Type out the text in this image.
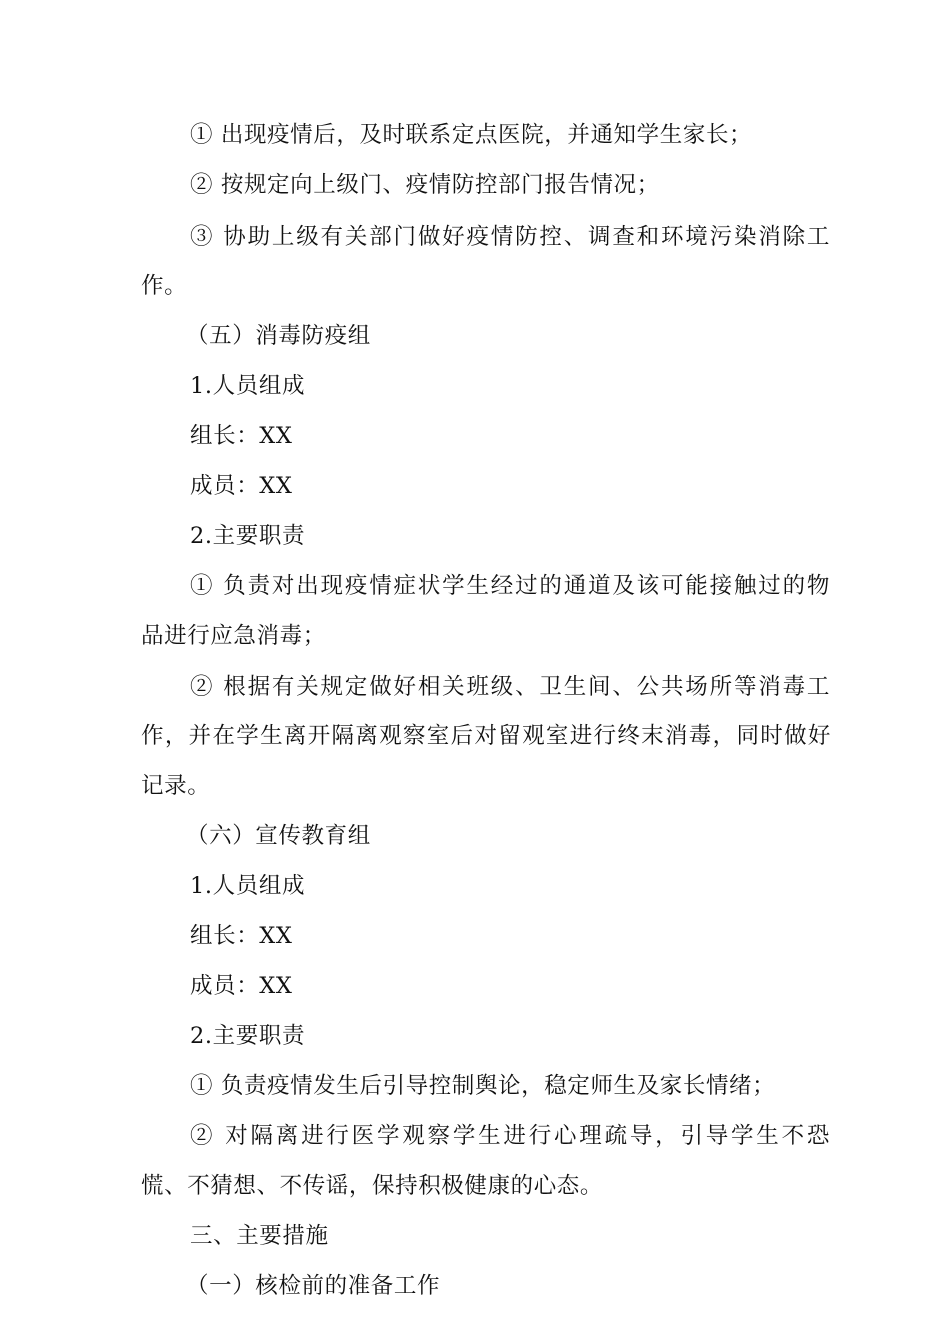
① 出现疫情后，及时联系定点医院，并通知学生家长；
② 按规定向上级门、疫情防控部门报告情况；
③ 协助上级有关部门做好疫情防控、调查和环境污染消除工
作。
（五）消毒防疫组
1.人员组成
组长：XX
成员：XX
2.主要职责
① 负责对出现疫情症状学生经过的通道及该可能接触过的物
品进行应急消毒；
② 根据有关规定做好相关班级、卫生间、公共场所等消毒工
作，并在学生离开隔离观察室后对留观室进行终末消毒，同时做好
记录。
（六）宣传教育组
1.人员组成
组长：XX
成员：XX
2.主要职责
① 负责疫情发生后引导控制舆论，稳定师生及家长情绪；
② 对隔离进行医学观察学生进行心理疏导，引导学生不恐
慌、不猜想、不传谣，保持积极健康的心态。
三、主要措施
（一）核检前的准备工作
